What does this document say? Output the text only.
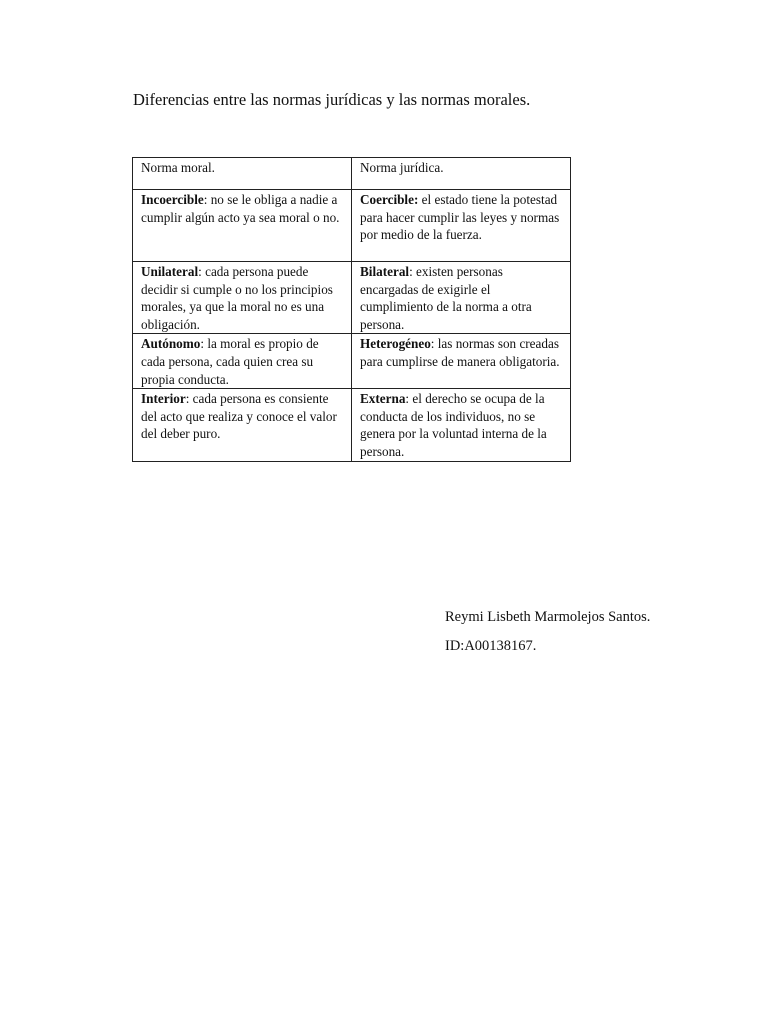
Diferencias entre las normas jurídicas y las normas morales.
Norma moral.	Norma jurídica.
Incoercible: no se le obliga a nadie a cumplir algún acto ya sea moral o no.	Coercible: el estado tiene la potestad para hacer cumplir las leyes y normas por medio de la fuerza.
Unilateral: cada persona puede decidir si cumple o no los principios morales, ya que la moral no es una obligación.	Bilateral: existen personas encargadas de exigirle el cumplimiento de la norma a otra persona.
Autónomo: la moral es propio de cada persona, cada quien crea su propia conducta.	Heterogéneo: las normas son creadas para cumplirse de manera obligatoria.
Interior: cada persona es consiente del acto que realiza y conoce el valor del deber puro.	Externa: el derecho se ocupa de la conducta de los individuos, no se genera por la voluntad interna de la persona.
Reymi Lisbeth Marmolejos Santos.
ID:A00138167.
